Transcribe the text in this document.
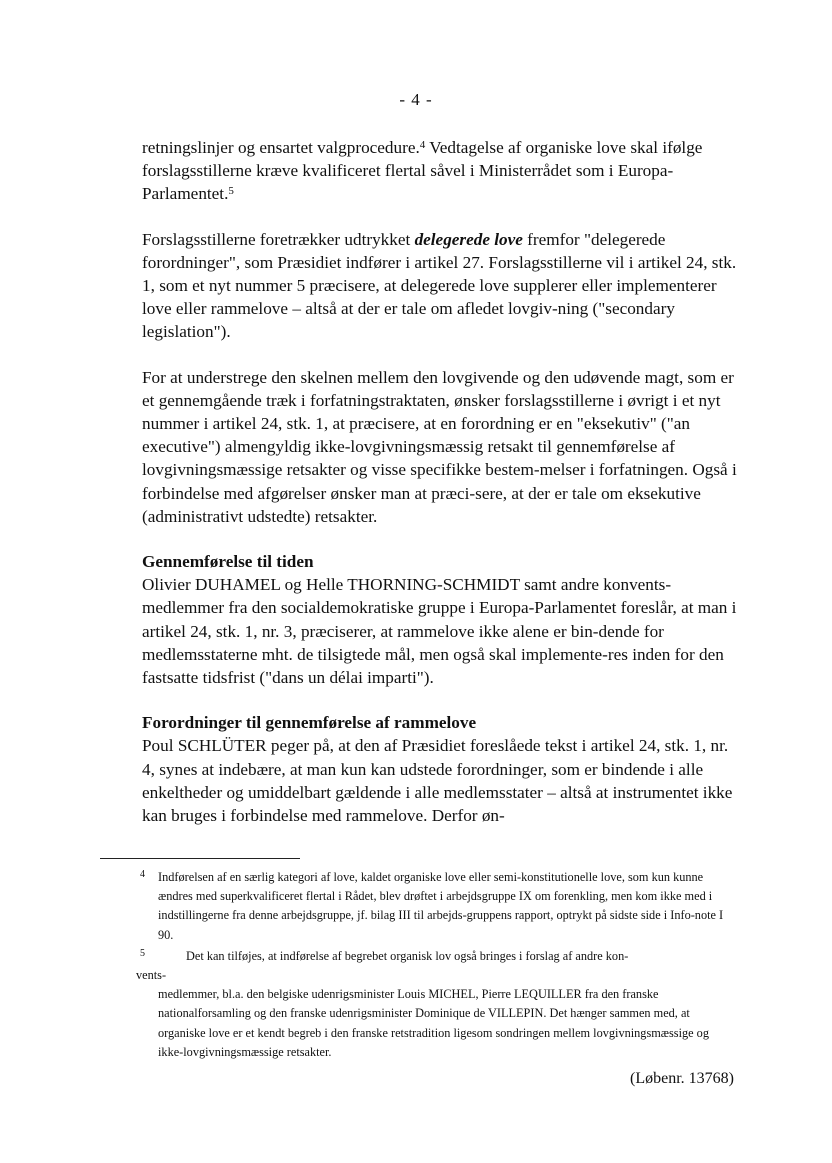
- 4 -

retningslinjer og ensartet valgprocedure.$^4$ Vedtagelse af organiske love skal ifølge forslagsstillerne kræve kvalificeret flertal såvel i Ministerrådet som i Europa-Parlamentet.$^5$

Forslagsstillerne foretrækker udtrykket delegerede love fremfor "delegerede forordninger", som Præsidiet indfører i artikel 27. Forslagsstillerne vil i artikel 24, stk. 1, som et nyt nummer 5 præcisere, at delegerede love supplerer eller implementerer love eller rammelove – altså at der er tale om afledet lovgiv-ning ("secondary legislation").

For at understrege den skelnen mellem den lovgivende og den udøvende magt, som er et gennemgående træk i forfatningstraktaten, ønsker forslagsstillerne i øvrigt i et nyt nummer i artikel 24, stk. 1, at præcisere, at en forordning er en "eksekutiv" ("an executive") almengyldig ikke-lovgivningsmæssig retsakt til gennemførelse af lovgivningsmæssige retsakter og visse specifikke bestem-melser i forfatningen. Også i forbindelse med afgørelser ønsker man at præci-sere, at der er tale om eksekutive (administrativt udstedte) retsakter.

Gennemførelse til tiden

Olivier DUHAMEL og Helle THORNING-SCHMIDT samt andre konvents-medlemmer fra den socialdemokratiske gruppe i Europa-Parlamentet foreslår, at man i artikel 24, stk. 1, nr. 3, præciserer, at rammelove ikke alene er bin-dende for medlemsstaterne mht. de tilsigtede mål, men også skal implemente-res inden for den fastsatte tidsfrist ("dans un délai imparti").

Forordninger til gennemførelse af rammelove

Poul SCHLÜTER peger på, at den af Præsidiet foreslåede tekst i artikel 24, stk. 1, nr. 4, synes at indebære, at man kun kan udstede forordninger, som er bindende i alle enkeltheder og umiddelbart gældende i alle medlemsstater – altså at instrumentet ikke kan bruges i forbindelse med rammelove. Derfor øn-

4 Indførelsen af en særlig kategori af love, kaldet organiske love eller semi-konstitutionelle love, som kun kunne ændres med superkvalificeret flertal i Rådet, blev drøftet i arbejdsgruppe IX om forenkling, men kom ikke med i indstillingerne fra denne arbejdsgruppe, jf. bilag III til arbejds-gruppens rapport, optrykt på sidste side i Info-note I 90.

5	Det kan tilføjes, at indførelse af begrebet organisk lov også bringes i forslag af andre kon-

vents-

medlemmer, bl.a. den belgiske udenrigsminister Louis MICHEL, Pierre LEQUILLER fra den franske nationalforsamling og den franske udenrigsminister Dominique de VILLEPIN. Det hænger sammen med, at organiske love er et kendt begreb i den franske retstradition ligesom sondringen mellem lovgivningsmæssige og ikke-lovgivningsmæssige retsakter.

(Løbenr. 13768)
